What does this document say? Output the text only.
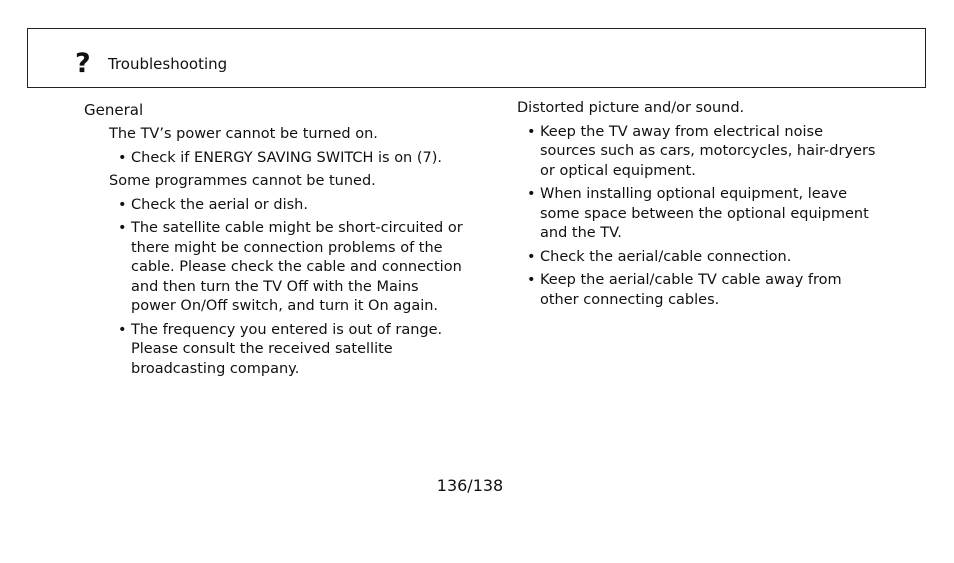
? Troubleshooting
General
The TV’s power cannot be turned on.
• Check if ENERGY SAVING SWITCH is on (7).
Some programmes cannot be tuned.
• Check the aerial or dish.
• The satellite cable might be short-circuited or there might be connection problems of the cable. Please check the cable and connection and then turn the TV Off with the Mains power On/Off switch, and turn it On again.
• The frequency you entered is out of range. Please consult the received satellite broadcasting company.
Distorted picture and/or sound.
• Keep the TV away from electrical noise sources such as cars, motorcycles, hair-dryers or optical equipment.
• When installing optional equipment, leave some space between the optional equipment and the TV.
• Check the aerial/cable connection.
• Keep the aerial/cable TV cable away from other connecting cables.
136/138
